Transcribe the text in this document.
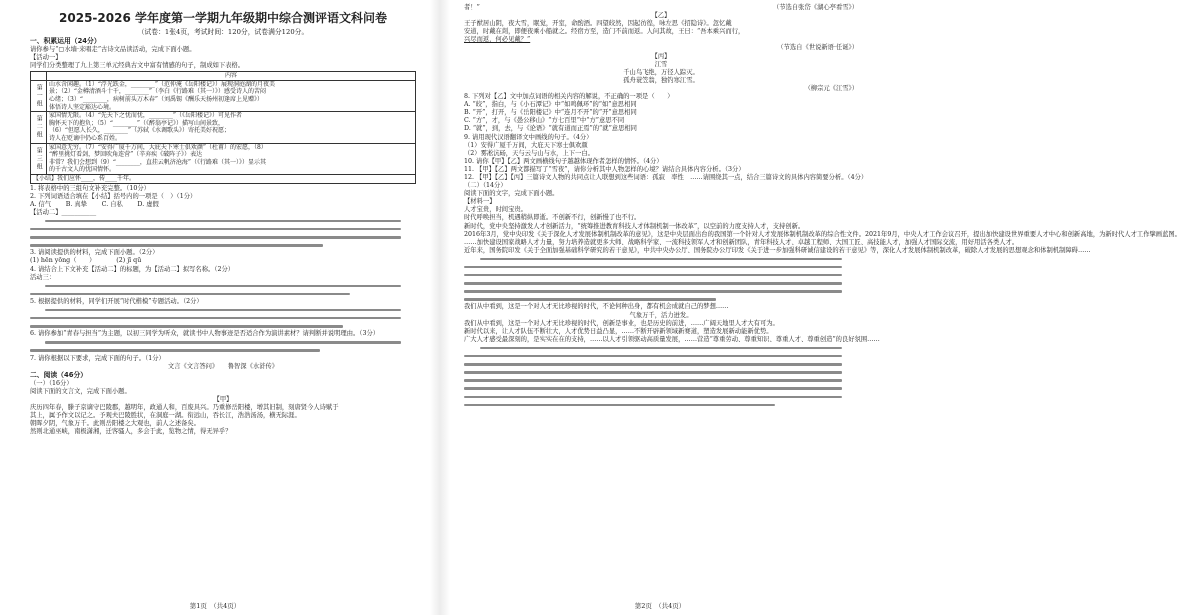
2025-2026 学年度第一学期九年级期中综合测评语文科问卷
（试卷：1张4页，考试时间：120分，试卷满分120分。
一、积累运用（24分）
请你参与“▢水墙·来唱走”古诗文品读活动，完成下面小题。
【活动一】
同学们分类整理了九上第三单元经典古文中富有情感的句子，制成如下表格。
	内容
第一组	山水含闲趣。（1）“浮光跃金，________”（范仲淹《岳阳楼记》）展现洞庭湖的月夜美
景；（2）“金樽清酒斗十千，________”（李白《行路难（其一）》）感受诗人的苦闷
心绪；（3）“________，病树前头万木春”（刘禹锡《酬乐天扬州初逢席上见赠》）
体悟诗人坚定豁达心境。

第二组	家国情无限。（4）“先天下之忧而忧，________”（《岳阳楼记》）可见作者
胸怀天下的抱负；（5）“________”（《醉翁亭记》）描写山间景致，
（6）“但愿人长久，________”（苏轼《水调歌头》）寄托美好祝愿；
诗人在贬谪中仍心系百姓。

第三组	家国意无穷。（7）“安得广厦千万间，大庇天下寒士俱欢颜”（杜甫）的宏愿，（8）
“醉里挑灯看剑，梦回吹角连营”（辛弃疾《破阵子》）表达
非常？我们会想到（9）“________，直挂云帆济沧海”（《行路难（其一）》）显示其
的千古文人的忧国情怀。

【小结】我们应怀____，传____千年。	
1. 将表格中的三组句文补充完整。（10分）
2. 下列词语适合填在【小结】括号内的一项是（　）（1分）
A. 信气   B. 真挚   C. 自私   D. 虚假
【活动二】___________
3. 请阅读提供的材料，完成下面小题。（2分）
(1) hēn yōng（　　）   	(2) jī qū
4. 请结合上下文补充【活动二】的标题，为【活动二】拟写名称。（2分）
活动三：
5. 根据提供的材料，同学们开展“时代楷模”专题活动。（2分）
6. 请你参加“青春与担当”为主题，以初三同学为听众，就读书中人物事迹是否适合作为演讲素材？请判断并说明理由。（3分）
7. 请你根据以下要求，完成下面的句子。（1分）
文言《文言答问》　　鲁智深《水浒传》
二、阅读（46分）
（一）（16分）
阅读下面的文言文，完成下面小题。
【甲】
庆历四年春，滕子京谪守巴陵郡，越明年，政通人和，百废具兴。乃重修岳阳楼，增其旧制，刻唐贤今人诗赋于
其上，属予作文以记之。予观夫巴陵胜状，在洞庭一湖。衔远山，吞长江，浩浩汤汤，横无际涯。
朝晖夕阴，气象万千。此则岳阳楼之大观也，前人之述备矣。
然则北通巫峡，南极潇湘，迁客骚人，多会于此，览物之情，得无异乎？
第1页　（共4页）
者！”	（节选自张岱《湖心亭看雪》）
【乙】
王子猷居山阴，夜大雪，眠觉，开室，命酌酒。四望皎然，因起彷徨，咏左思《招隐诗》。忽忆戴
安道，时戴在剡，即便夜乘小船就之。经宿方至，造门不前而返。人问其故，王曰：“吾本乘兴而行，
兴尽而返，何必见戴？”
（节选自《世说新语·任诞》）
【丙】
江雪
千山鸟飞绝，万径人踪灭。
孤舟蓑笠翁，独钓寒江雪。
（柳宗元《江雪》）
8. 下列对【乙】文中加点词语的相关内容的解说，不正确的一项是（　　）
A. “皎”，指白，与《小石潭记》中“如鸣佩环”的“如”意思相同
B. “开”，打开，与《岳阳楼记》中“连月不开”的“开”意思相同
C. “方”，才，与《愚公移山》“方七百里”中“方”意思不同
D. “就”，到，去，与《论语》“就有道而正焉”的“就”意思相同
9. 请用现代汉语翻译文中画线的句子。（4分）
（1）安得广厦千万间，大庇天下寒士俱欢颜
（2）雾凇沆砀，天与云与山与水，上下一白。
10. 请你【甲】【乙】两文画横线句子越越体现作者怎样的情怀。（4分）
11. 【甲】【乙】两文都描写了“雪夜”，请你分析其中人物怎样的心境？请结合具体内容分析。（3分）
12. 【甲】【乙】【丙】三篇诗文人物的共同点让人联想到这些词语：孤寂　率性　……请围绕其一点，结合三篇诗文的具体内容简要分析。（4分）
（二）（14分）
阅读下面的文字，完成下面小题。
【材料一】
人才宝贵，时间宝贵。
时代呼唤担当，机遇稍纵即逝。不创新不行，创新慢了也不行。
新时代，党中央坚持激发人才创新活力，“统筹推进教育科技人才体制机制一体改革”，以空前的力度支持人才，支持创新。
2016年3月，党中央印发《关于深化人才发展体制机制改革的意见》，这是中央层面出台的我国第一个针对人才发展体制机制改革的综合性文件。2021年9月，中央人才工作会议召开，提出加快建设世界重要人才中心和创新高地，为新时代人才工作擘画蓝图。
……加快建设国家战略人才力量，努力培养造就更多大师、战略科学家、一流科技领军人才和创新团队，青年科技人才、卓越工程师、大国工匠、高技能人才，加强人才国际交流，用好用活各类人才。
近年来，国务院印发《关于全面加强基础科学研究的若干意见》，中共中央办公厅、国务院办公厅印发《关于进一步加强科研诚信建设的若干意见》等，深化人才发展体制机制改革，破除人才发展的思想观念和体制机制障碍……
我们从中看到，这是一个对人才无比珍视的时代，不论何种出身，都有机会成就自己的梦想……
气象万千，活力迸发。
我们从中看到，这是一个对人才无比珍视的时代，创新是事业，也是历史的前进，……广阔天地里人才大有可为。
新时代以来，让人才队伍不断壮大，人才优势日益凸显，……不断开辟新领域新赛道，塑造发展新动能新优势。
广大人才感受最深刻的，是实实在在的支持，……以人才引领驱动高质量发展，……营造“尊重劳动、尊重知识、尊重人才、尊重创造”的良好氛围……
第2页　（共4页）
